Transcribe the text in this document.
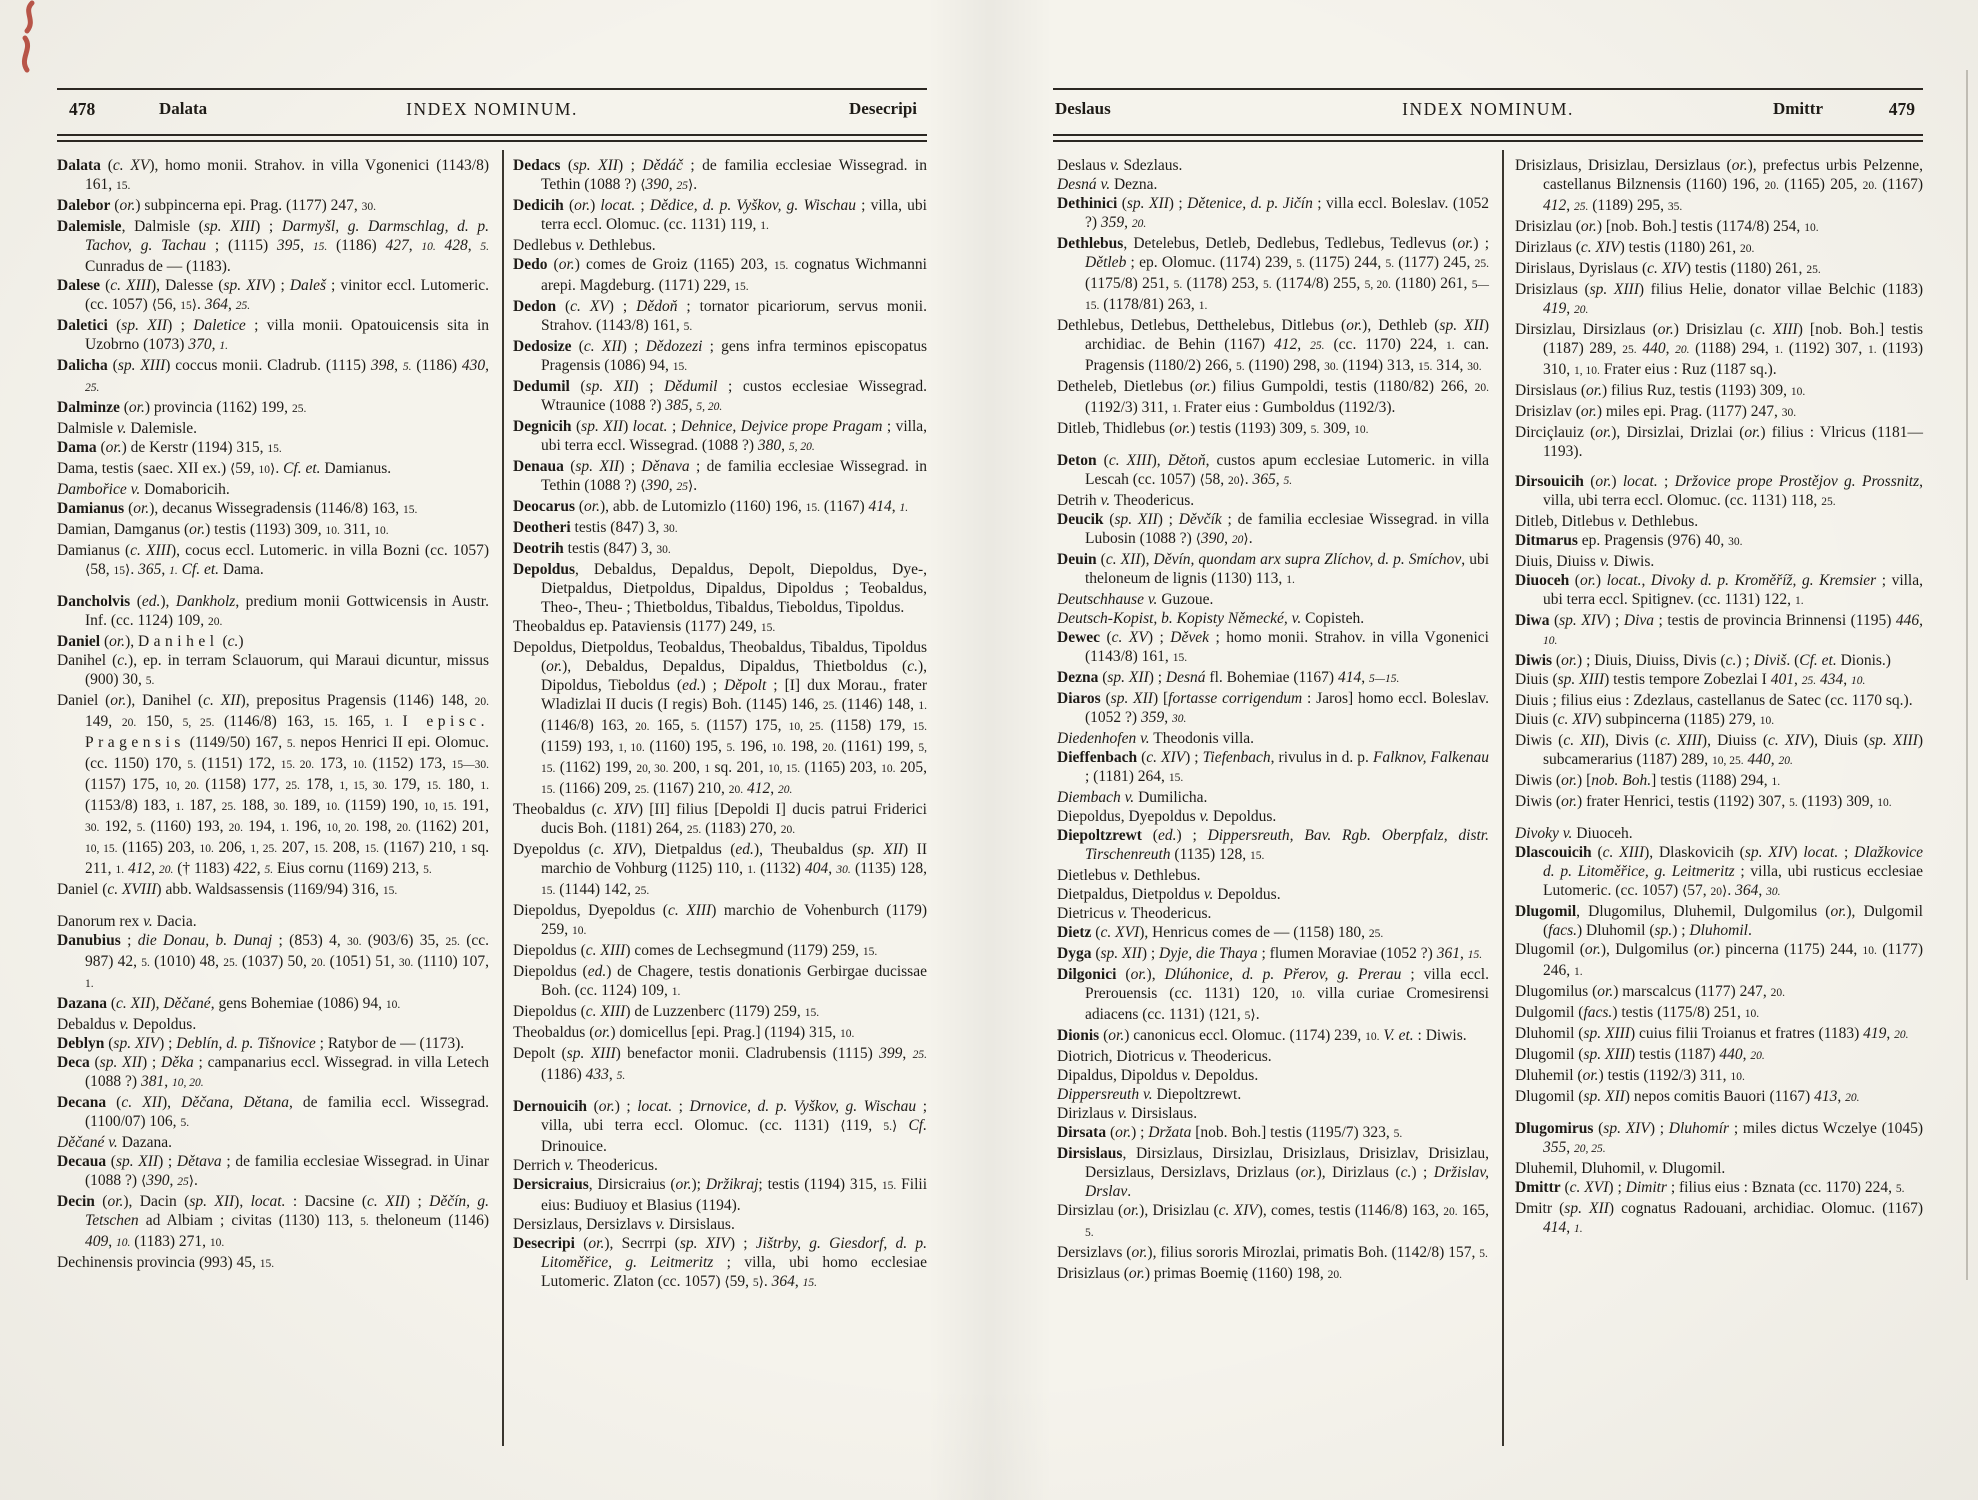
478	Dalata	INDEX NOMINUM.	Desecripi

Dalata (c. XV), homo monii. Strahov. in villa Vgonenici (1143/8) 161, 15.

Dalebor (or.) subpincerna epi. Prag. (1177) 247, 30.

Dalemisle, Dalmisle (sp. XIII) ; Darmyšl, g. Darmschlag, d. p. Tachov, g. Tachau ; (1115) 395, 15. (1186) 427, 10. 428, 5. Cunradus de — (1183).

Dalese (c. XIII), Dalesse (sp. XIV) ; Daleš ; vinitor eccl. Lutomeric. (cc. 1057) ⟨56, 15⟩. 364, 25.

Daletici (sp. XII) ; Daletice ; villa monii. Opatouicensis sita in Uzobrno (1073) 370, 1.

Dalicha (sp. XIII) coccus monii. Cladrub. (1115) 398, 5. (1186) 430, 25.

Dalminze (or.) provincia (1162) 199, 25.

Dalmisle v. Dalemisle.

Dama (or.) de Kerstr (1194) 315, 15.

Dama, testis (saec. XII ex.) ⟨59, 10⟩. Cf. et. Damianus.

Dambořice v. Domaboricih.

Damianus (or.), decanus Wissegradensis (1146/8) 163, 15.

Damian, Damganus (or.) testis (1193) 309, 10. 311, 10.

Damianus (c. XIII), cocus eccl. Lutomeric. in villa Bozni (cc. 1057) ⟨58, 15⟩. 365, 1. Cf. et. Dama.

Dancholvis (ed.), Dankholz, predium monii Gottwicensis in Austr. Inf. (cc. 1124) 109, 20.

Daniel (or.), Danihel (c.)

Danihel (c.), ep. in terram Sclauorum, qui Maraui dicuntur, missus (900) 30, 5.

Daniel (or.), Danihel (c. XII), prepositus Pragensis (1146) 148, 20. 149, 20. 150, 5, 25. (1146/8) 163, 15. 165, 1. I episc. Pragensis (1149/50) 167, 5. nepos Henrici II epi. Olomuc. (cc. 1150) 170, 5. (1151) 172, 15. 20. 173, 10. (1152) 173, 15—30. (1157) 175, 10, 20. (1158) 177, 25. 178, 1, 15, 30. 179, 15. 180, 1. (1153/8) 183, 1. 187, 25. 188, 30. 189, 10. (1159) 190, 10, 15. 191, 30. 192, 5. (1160) 193, 20. 194, 1. 196, 10, 20. 198, 20. (1162) 201, 10, 15. (1165) 203, 10. 206, 1, 25. 207, 15. 208, 15. (1167) 210, 1 sq. 211, 1. 412, 20. († 1183) 422, 5. Eius cornu (1169) 213, 5.

Daniel (c. XVIII) abb. Waldsassensis (1169/94) 316, 15.

Danorum rex v. Dacia.

Danubius ; die Donau, b. Dunaj ; (853) 4, 30. (903/6) 35, 25. (cc. 987) 42, 5. (1010) 48, 25. (1037) 50, 20. (1051) 51, 30. (1110) 107, 1.

Dazana (c. XII), Děčané, gens Bohemiae (1086) 94, 10.

Debaldus v. Depoldus.

Deblyn (sp. XIV) ; Deblín, d. p. Tišnovice ; Ratybor de — (1173).

Deca (sp. XII) ; Děka ; campanarius eccl. Wissegrad. in villa Letech (1088 ?) 381, 10, 20.

Decana (c. XII), Děčana, Dětana, de familia eccl. Wissegrad. (1100/07) 106, 5.

Děčané v. Dazana.

Decaua (sp. XII) ; Dětava ; de familia ecclesiae Wissegrad. in Uinar (1088 ?) ⟨390, 25⟩.

Decin (or.), Dacin (sp. XII), locat. : Dacsine (c. XII) ; Děčín, g. Tetschen ad Albiam ; civitas (1130) 113, 5. theloneum (1146) 409, 10. (1183) 271, 10.

Dechinensis provincia (993) 45, 15.

Dedacs (sp. XII) ; Dědáč ; de familia ecclesiae Wissegrad. in Tethin (1088 ?) ⟨390, 25⟩.

Dedicih (or.) locat. ; Dědice, d. p. Vyškov, g. Wischau ; villa, ubi terra eccl. Olomuc. (cc. 1131) 119, 1.

Dedlebus v. Dethlebus.

Dedo (or.) comes de Groiz (1165) 203, 15. cognatus Wichmanni arepi. Magdeburg. (1171) 229, 15.

Dedon (c. XV) ; Dědoň ; tornator picariorum, servus monii. Strahov. (1143/8) 161, 5.

Dedosize (c. XII) ; Dědozezi ; gens infra terminos episcopatus Pragensis (1086) 94, 15.

Dedumil (sp. XII) ; Dědumil ; custos ecclesiae Wissegrad. Wtraunice (1088 ?) 385, 5, 20.

Degnicih (sp. XII) locat. ; Dehnice, Dejvice prope Pragam ; villa, ubi terra eccl. Wissegrad. (1088 ?) 380, 5, 20.

Denaua (sp. XII) ; Děnava ; de familia ecclesiae Wissegrad. in Tethin (1088 ?) ⟨390, 25⟩.

Deocarus (or.), abb. de Lutomizlo (1160) 196, 15. (1167) 414, 1.

Deotheri testis (847) 3, 30.

Deotrih testis (847) 3, 30.

Depoldus, Debaldus, Depaldus, Depolt, Diepoldus, Dye-, Dietpaldus, Dietpoldus, Dipaldus, Dipoldus ; Teobaldus, Theo-, Theu- ; Thietboldus, Tibaldus, Tieboldus, Tipoldus.

Theobaldus ep. Pataviensis (1177) 249, 15.

Depoldus, Dietpoldus, Teobaldus, Theobaldus, Tibaldus, Tipoldus (or.), Debaldus, Depaldus, Dipaldus, Thietboldus (c.), Dipoldus, Tieboldus (ed.) ; Děpolt ; [I] dux Morau., frater Wladizlai II ducis (I regis) Boh. (1145) 146, 25. (1146) 148, 1. (1146/8) 163, 20. 165, 5. (1157) 175, 10, 25. (1158) 179, 15. (1159) 193, 1, 10. (1160) 195, 5. 196, 10. 198, 20. (1161) 199, 5, 15. (1162) 199, 20, 30. 200, 1 sq. 201, 10, 15. (1165) 203, 10. 205, 15. (1166) 209, 25. (1167) 210, 20. 412, 20.

Theobaldus (c. XIV) [II] filius [Depoldi I] ducis patrui Friderici ducis Boh. (1181) 264, 25. (1183) 270, 20.

Dyepoldus (c. XIV), Dietpaldus (ed.), Theubaldus (sp. XII) II marchio de Vohburg (1125) 110, 1. (1132) 404, 30. (1135) 128, 15. (1144) 142, 25.

Diepoldus, Dyepoldus (c. XIII) marchio de Vohenburch (1179) 259, 10.

Diepoldus (c. XIII) comes de Lechsegmund (1179) 259, 15.

Diepoldus (ed.) de Chagere, testis donationis Gerbirgae ducissae Boh. (cc. 1124) 109, 1.

Diepoldus (c. XIII) de Luzzenberc (1179) 259, 15.

Theobaldus (or.) domicellus [epi. Prag.] (1194) 315, 10.

Depolt (sp. XIII) benefactor monii. Cladrubensis (1115) 399, 25. (1186) 433, 5.

Dernouicih (or.) ; locat. ; Drnovice, d. p. Vyškov, g. Wischau ; villa, ubi terra eccl. Olomuc. (cc. 1131) ⟨119, 5.⟩ Cf. Drinouice.

Derrich v. Theodericus.

Dersicraius, Dirsicraius (or.); Držikraj; testis (1194) 315, 15. Filii eius: Budiuoy et Blasius (1194).

Dersizlaus, Dersizlavs v. Dirsislaus.

Desecripi (or.), Secrrpi (sp. XIV) ; Jištrby, g. Giesdorf, d. p. Litoměřice, g. Leitmeritz ; villa, ubi homo ecclesiae Lutomeric. Zlaton (cc. 1057) ⟨59, 5⟩. 364, 15.

Deslaus	INDEX NOMINUM.	Dmittr	479

Deslaus v. Sdezlaus.

Desná v. Dezna.

Dethinici (sp. XII) ; Dětenice, d. p. Jičín ; villa eccl. Boleslav. (1052 ?) 359, 20.

Dethlebus, Detelebus, Detleb, Dedlebus, Tedlebus, Tedlevus (or.) ; Dětleb ; ep. Olomuc. (1174) 239, 5. (1175) 244, 5. (1177) 245, 25. (1175/8) 251, 5. (1178) 253, 5. (1174/8) 255, 5, 20. (1180) 261, 5—15. (1178/81) 263, 1.

Dethlebus, Detlebus, Detthelebus, Ditlebus (or.), Dethleb (sp. XII) archidiac. de Behin (1167) 412, 25. (cc. 1170) 224, 1. can. Pragensis (1180/2) 266, 5. (1190) 298, 30. (1194) 313, 15. 314, 30.

Detheleb, Dietlebus (or.) filius Gumpoldi, testis (1180/82) 266, 20. (1192/3) 311, 1. Frater eius : Gumboldus (1192/3).

Ditleb, Thidlebus (or.) testis (1193) 309, 5. 309, 10.

Deton (c. XIII), Dětoň, custos apum ecclesiae Lutomeric. in villa Lescah (cc. 1057) ⟨58, 20⟩. 365, 5.

Detrih v. Theodericus.

Deucik (sp. XII) ; Děvčík ; de familia ecclesiae Wissegrad. in villa Lubosin (1088 ?) ⟨390, 20⟩.

Deuin (c. XII), Děvín, quondam arx supra Zlíchov, d. p. Smíchov, ubi theloneum de lignis (1130) 113, 1.

Deutschhause v. Guzoue.

Deutsch-Kopist, b. Kopisty Německé, v. Copisteh.

Dewec (c. XV) ; Děvek ; homo monii. Strahov. in villa Vgonenici (1143/8) 161, 15.

Dezna (sp. XII) ; Desná fl. Bohemiae (1167) 414, 5—15.

Diaros (sp. XII) [fortasse corrigendum : Jaros] homo eccl. Boleslav. (1052 ?) 359, 30.

Diedenhofen v. Theodonis villa.

Dieffenbach (c. XIV) ; Tiefenbach, rivulus in d. p. Falknov, Falkenau ; (1181) 264, 15.

Diembach v. Dumilicha.

Diepoldus, Dyepoldus v. Depoldus.

Diepoltzrewt (ed.) ; Dippersreuth, Bav. Rgb. Oberpfalz, distr. Tirschenreuth (1135) 128, 15.

Dietlebus v. Dethlebus.

Dietpaldus, Dietpoldus v. Depoldus.

Dietricus v. Theodericus.

Dietz (c. XVI), Henricus comes de — (1158) 180, 25.

Dyga (sp. XII) ; Dyje, die Thaya ; flumen Moraviae (1052 ?) 361, 15.

Dilgonici (or.), Dlúhonice, d. p. Přerov, g. Prerau ; villa eccl. Prerouensis (cc. 1131) 120, 10. villa curiae Cromesirensi adiacens (cc. 1131) ⟨121, 5⟩.

Dionis (or.) canonicus eccl. Olomuc. (1174) 239, 10. V. et. : Diwis.

Diotrich, Diotricus v. Theodericus.

Dipaldus, Dipoldus v. Depoldus.

Dippersreuth v. Diepoltzrewt.

Dirizlaus v. Dirsislaus.

Dirsata (or.) ; Držata [nob. Boh.] testis (1195/7) 323, 5.

Dirsislaus, Dirsizlaus, Dirsizlau, Drisizlaus, Drisizlav, Drisizlau, Dersizlaus, Dersizlavs, Drizlaus (or.), Dirizlaus (c.) ; Držislav, Drslav.

Dirsizlau (or.), Drisizlau (c. XIV), comes, testis (1146/8) 163, 20. 165, 5.

Dersizlavs (or.), filius sororis Mirozlai, primatis Boh. (1142/8) 157, 5.

Drisizlaus (or.) primas Boemię (1160) 198, 20.

Drisizlaus, Drisizlau, Dersizlaus (or.), prefectus urbis Pelzenne, castellanus Bilznensis (1160) 196, 20. (1165) 205, 20. (1167) 412, 25. (1189) 295, 35.

Drisizlau (or.) [nob. Boh.] testis (1174/8) 254, 10.

Dirizlaus (c. XIV) testis (1180) 261, 20.

Dirislaus, Dyrislaus (c. XIV) testis (1180) 261, 25.

Drisizlaus (sp. XIII) filius Helie, donator villae Belchic (1183) 419, 20.

Dirsizlau, Dirsizlaus (or.) Drisizlau (c. XIII) [nob. Boh.] testis (1187) 289, 25. 440, 20. (1188) 294, 1. (1192) 307, 1. (1193) 310, 1, 10. Frater eius : Ruz (1187 sq.).

Dirsislaus (or.) filius Ruz, testis (1193) 309, 10.

Drisizlav (or.) miles epi. Prag. (1177) 247, 30.

Dirciçlauiz (or.), Dirsizlai, Drizlai (or.) filius : Vlricus (1181—1193).

Dirsouicih (or.) locat. ; Držovice prope Prostějov g. Prossnitz, villa, ubi terra eccl. Olomuc. (cc. 1131) 118, 25.

Ditleb, Ditlebus v. Dethlebus.

Ditmarus ep. Pragensis (976) 40, 30.

Diuis, Diuiss v. Diwis.

Diuoceh (or.) locat., Divoky d. p. Kroměříž, g. Kremsier ; villa, ubi terra eccl. Spitignev. (cc. 1131) 122, 1.

Diwa (sp. XIV) ; Diva ; testis de provincia Brinnensi (1195) 446, 10.

Diwis (or.) ; Diuis, Diuiss, Divis (c.) ; Diviš. (Cf. et. Dionis.)

Diuis (sp. XIII) testis tempore Zobezlai I 401, 25. 434, 10.

Diuis ; filius eius : Zdezlaus, castellanus de Satec (cc. 1170 sq.).

Diuis (c. XIV) subpincerna (1185) 279, 10.

Diwis (c. XII), Divis (c. XIII), Diuiss (c. XIV), Diuis (sp. XIII) subcamerarius (1187) 289, 10, 25. 440, 20.

Diwis (or.) [nob. Boh.] testis (1188) 294, 1.

Diwis (or.) frater Henrici, testis (1192) 307, 5. (1193) 309, 10.

Divoky v. Diuoceh.

Dlascouicih (c. XIII), Dlaskovicih (sp. XIV) locat. ; Dlažkovice d. p. Litoměřice, g. Leitmeritz ; villa, ubi rusticus ecclesiae Lutomeric. (cc. 1057) ⟨57, 20⟩. 364, 30.

Dlugomil, Dlugomilus, Dluhemil, Dulgomilus (or.), Dulgomil (facs.) Dluhomil (sp.) ; Dluhomil.

Dlugomil (or.), Dulgomilus (or.) pincerna (1175) 244, 10. (1177) 246, 1.

Dlugomilus (or.) marscalcus (1177) 247, 20.

Dulgomil (facs.) testis (1175/8) 251, 10.

Dluhomil (sp. XIII) cuius filii Troianus et fratres (1183) 419, 20.

Dlugomil (sp. XIII) testis (1187) 440, 20.

Dluhemil (or.) testis (1192/3) 311, 10.

Dlugomil (sp. XII) nepos comitis Bauori (1167) 413, 20.

Dlugomirus (sp. XIV) ; Dluhomír ; miles dictus Wczelye (1045) 355, 20, 25.

Dluhemil, Dluhomil, v. Dlugomil.

Dmittr (c. XVI) ; Dimitr ; filius eius : Bznata (cc. 1170) 224, 5.

Dmitr (sp. XII) cognatus Radouani, archidiac. Olomuc. (1167) 414, 1.
